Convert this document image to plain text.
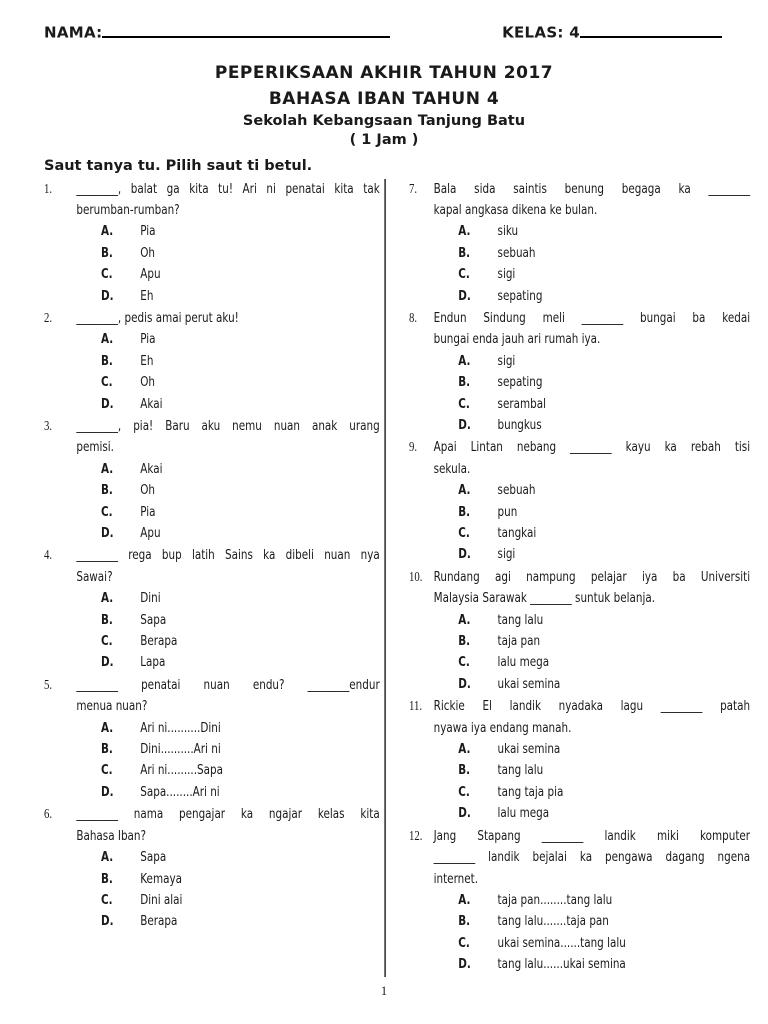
NAMA:	KELAS: 4
PEPERIKSAAN AKHIR TAHUN 2017
BAHASA IBAN TAHUN 4
Sekolah Kebangsaan Tanjung Batu
( 1 Jam )
Saut tanya tu. Pilih saut ti betul.
1.	________, balat ga kita tu! Ari ni penatai kita tak
berumban-rumban?
A.	Pia
B.	Oh
C.	Apu
D.	Eh
2.	________, pedis amai perut aku!
A.	Pia
B.	Eh
C.	Oh
D.	Akai
3.	________, pia! Baru aku nemu nuan anak urang
pemisi.
A.	Akai
B.	Oh
C.	Pia
D.	Apu
4.	________ rega bup latih Sains ka dibeli nuan nya
Sawai?
A.	Dini
B.	Sapa
C.	Berapa
D.	Lapa
5.	________ penatai nuan endu? ________endur
menua nuan?
A.	Ari ni..........Dini
B.	Dini..........Ari ni
C.	Ari ni.........Sapa
D.	Sapa........Ari ni
6.	________ nama pengajar ka ngajar kelas kita
Bahasa Iban?
A.	Sapa
B.	Kemaya
C.	Dini alai
D.	Berapa
7.	Bala sida saintis benung begaga ka ________
kapal angkasa dikena ke bulan.
A.	siku
B.	sebuah
C.	sigi
D.	sepating
8.	Endun Sindung meli ________ bungai ba kedai
bungai enda jauh ari rumah iya.
A.	sigi
B.	sepating
C.	serambal
D.	bungkus
9.	Apai Lintan nebang ________ kayu ka rebah tisi
sekula.
A.	sebuah
B.	pun
C.	tangkai
D.	sigi
10. Rundang agi nampung pelajar iya ba Universiti
Malaysia Sarawak ________ suntuk belanja.
A.	tang lalu
B.	taja pan
C.	lalu mega
D.	ukai semina
11. Rickie El landik nyadaka lagu ________ patah
nyawa iya endang manah.
A.	ukai semina
B.	tang lalu
C.	tang taja pia
D.	lalu mega
12. Jang Stapang ________ landik miki komputer
________ landik bejalai ka pengawa dagang ngena
internet.
A.	taja pan........tang lalu
B.	tang lalu.......taja pan
C.	ukai semina......tang lalu
D.	tang lalu......ukai semina
1
